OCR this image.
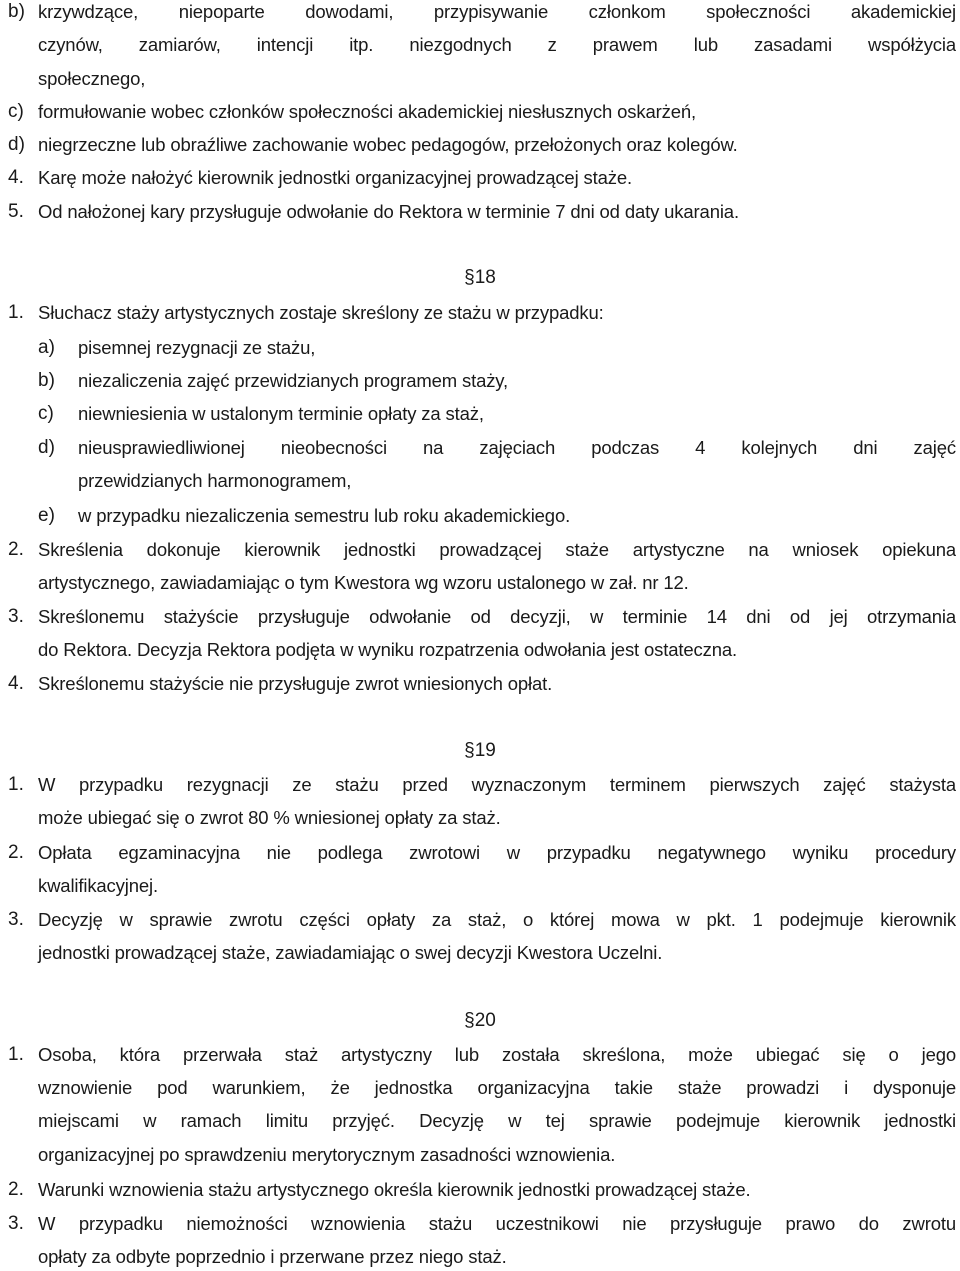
b) krzywdzące, niepoparte dowodami, przypisywanie członkom społeczności akademickiej
czynów, zamiarów, intencji itp. niezgodnych z prawem lub zasadami współżycia
społecznego,
c) formułowanie wobec członków społeczności akademickiej niesłusznych oskarżeń,
d) niegrzeczne lub obraźliwe zachowanie wobec pedagogów, przełożonych oraz kolegów.
4. Karę może nałożyć kierownik jednostki organizacyjnej prowadzącej staże.
5. Od nałożonej kary przysługuje odwołanie do Rektora w terminie 7 dni od daty ukarania.
§18
1. Słuchacz staży artystycznych zostaje skreślony ze stażu w przypadku:
a) pisemnej rezygnacji ze stażu,
b) niezaliczenia zajęć przewidzianych programem staży,
c) niewniesienia w ustalonym terminie opłaty za staż,
d) nieusprawiedliwionej nieobecności na zajęciach podczas 4 kolejnych dni zajęć
przewidzianych harmonogramem,
e) w przypadku niezaliczenia semestru lub roku akademickiego.
2. Skreślenia dokonuje kierownik jednostki prowadzącej staże artystyczne na wniosek opiekuna
artystycznego, zawiadamiając o tym Kwestora wg wzoru ustalonego w zał. nr 12.
3. Skreślonemu stażyście przysługuje odwołanie od decyzji, w terminie 14 dni od jej otrzymania
do Rektora. Decyzja Rektora podjęta w wyniku rozpatrzenia odwołania jest ostateczna.
4. Skreślonemu stażyście nie przysługuje zwrot wniesionych opłat.
§19
1. W przypadku rezygnacji ze stażu przed wyznaczonym terminem pierwszych zajęć stażysta
może ubiegać się o zwrot 80 % wniesionej opłaty za staż.
2. Opłata egzaminacyjna nie podlega zwrotowi w przypadku negatywnego wyniku procedury
kwalifikacyjnej.
3. Decyzję w sprawie zwrotu części opłaty za staż, o której mowa w pkt. 1 podejmuje kierownik
jednostki prowadzącej staże, zawiadamiając o swej decyzji Kwestora Uczelni.
§20
1. Osoba, która przerwała staż artystyczny lub została skreślona, może ubiegać się o jego
wznowienie pod warunkiem, że jednostka organizacyjna takie staże prowadzi i dysponuje
miejscami w ramach limitu przyjęć. Decyzję w tej sprawie podejmuje kierownik jednostki
organizacyjnej po sprawdzeniu merytorycznym zasadności wznowienia.
2. Warunki wznowienia stażu artystycznego określa kierownik jednostki prowadzącej staże.
3. W przypadku niemożności wznowienia stażu uczestnikowi nie przysługuje prawo do zwrotu
opłaty za odbyte poprzednio i przerwane przez niego staż.
